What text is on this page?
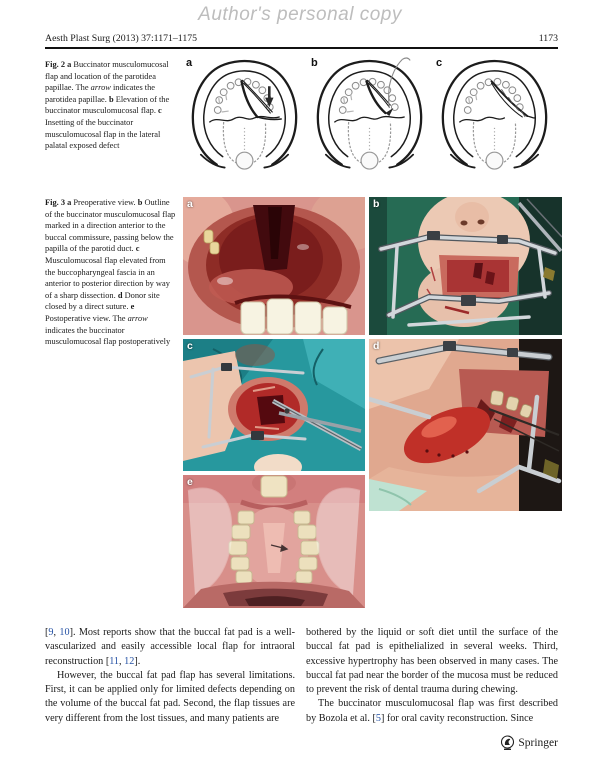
Author's personal copy
Aesth Plast Surg (2013) 37:1171–1175	1173
Fig. 2 a Buccinator musculomucosal flap and location of the parotidea papillae. The arrow indicates the parotidea papillae. b Elevation of the buccinator musculomucosal flap. c Insetting of the buccinator musculomucosal flap in the lateral palatal exposed defect
a	b	c
Fig. 3 a Preoperative view. b Outline of the buccinator musculomucosal flap marked in a direction anterior to the buccal commissure, passing below the papilla of the parotid duct. c Musculomucosal flap elevated from the buccopharyngeal fascia in an anterior to posterior direction by way of a sharp dissection. d Donor site closed by a direct suture. e Postoperative view. The arrow indicates the buccinator musculomucosal flap postoperatively
a	b
c	d
e

[9, 10]. Most reports show that the buccal fat pad is a well-vascularized and easily accessible local flap for intraoral reconstruction [11, 12].

However, the buccal fat pad flap has several limitations. First, it can be applied only for limited defects depending on the volume of the buccal fat pad. Second, the flap tissues are very different from the lost tissues, and many patients are

bothered by the liquid or soft diet until the surface of the buccal fat pad is epithelialized in several weeks. Third, excessive hypertrophy has been observed in many cases. The buccal fat pad near the border of the mucosa must be reduced to prevent the risk of dental trauma during chewing.

The buccinator musculomucosal flap was first described by Bozola et al. [5] for oral cavity reconstruction. Since

Springer
